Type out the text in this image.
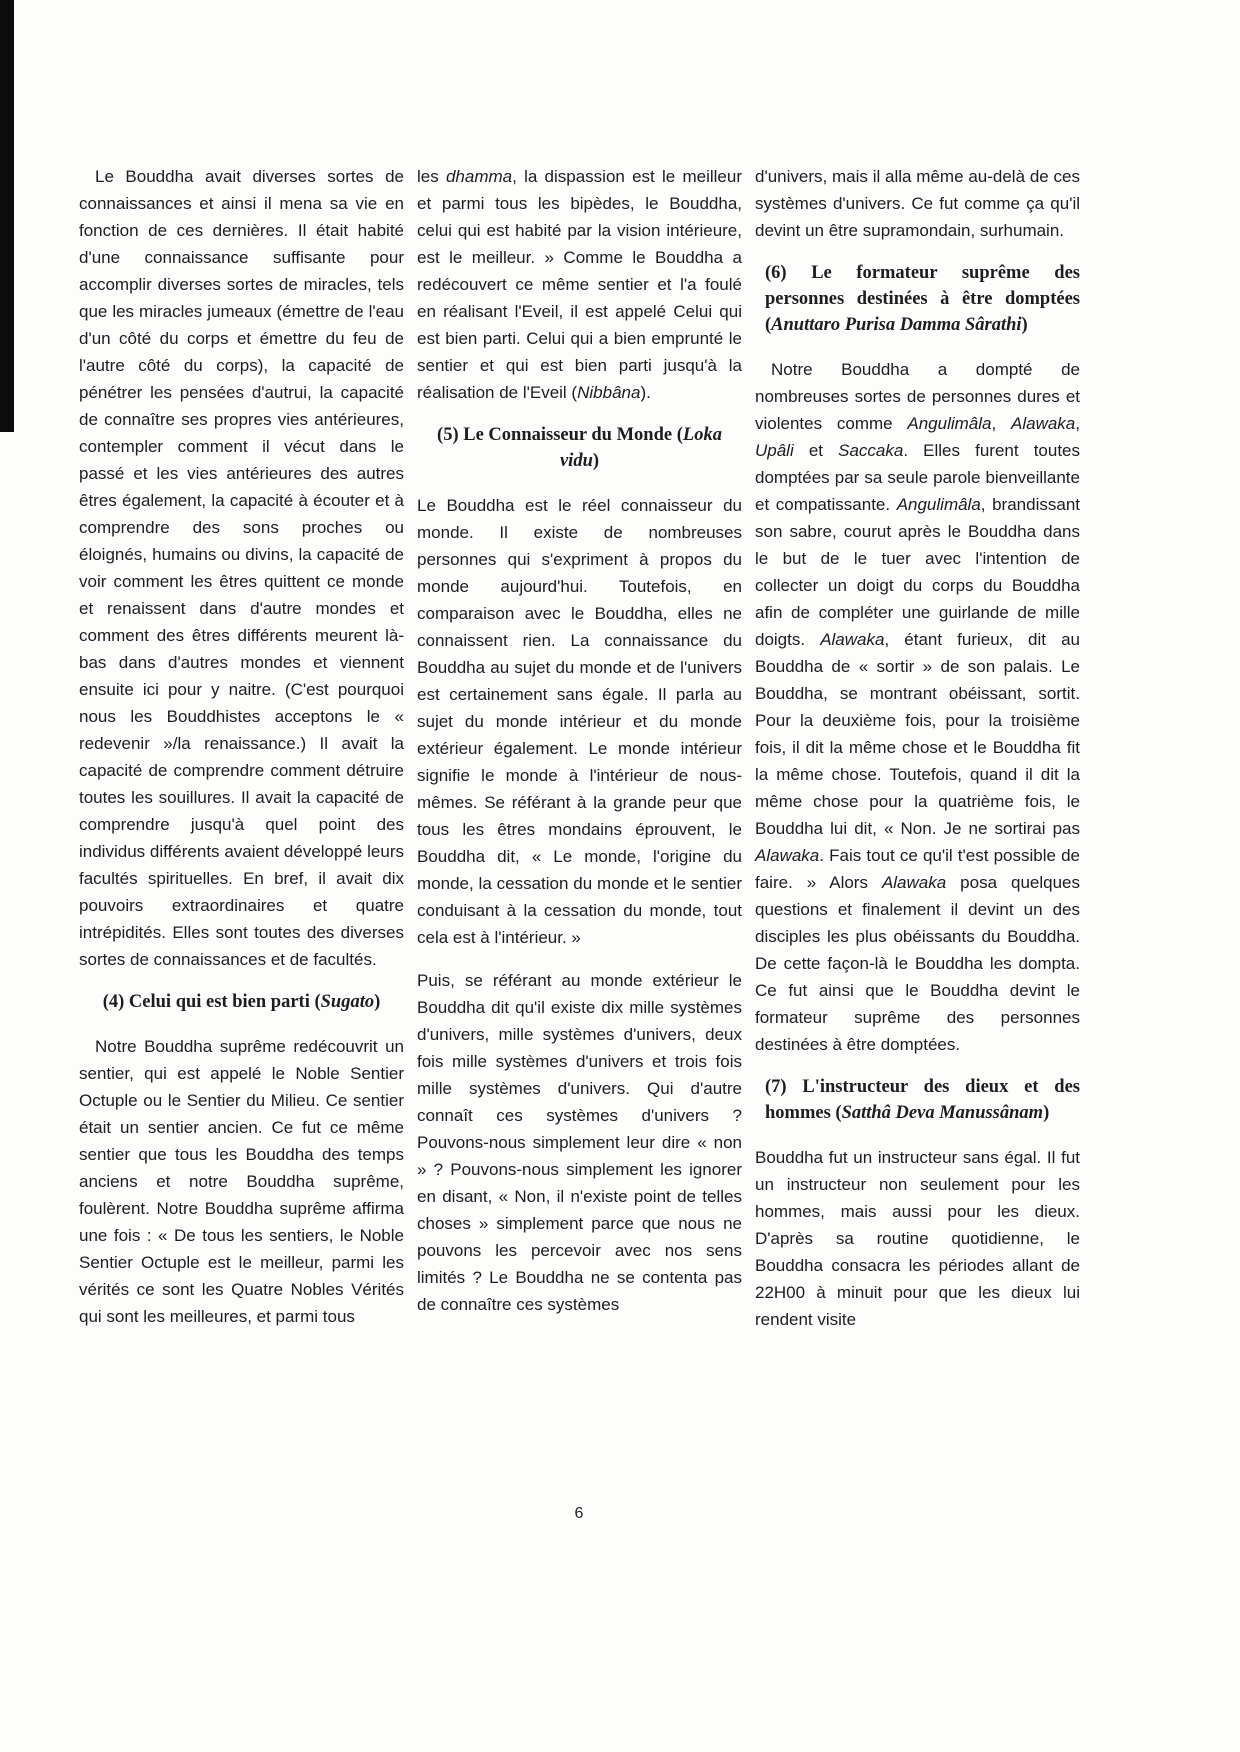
Le Bouddha avait diverses sortes de connaissances et ainsi il mena sa vie en fonction de ces dernières. Il était habité d'une connaissance suffisante pour accomplir diverses sortes de miracles, tels que les miracles jumeaux (émettre de l'eau d'un côté du corps et émettre du feu de l'autre côté du corps), la capacité de pénétrer les pensées d'autrui, la capacité de connaître ses propres vies antérieures, contempler comment il vécut dans le passé et les vies antérieures des autres êtres également, la capacité à écouter et à comprendre des sons proches ou éloignés, humains ou divins, la capacité de voir comment les êtres quittent ce monde et renaissent dans d'autre mondes et comment des êtres différents meurent là-bas dans d'autres mondes et viennent ensuite ici pour y naitre. (C'est pourquoi nous les Bouddhistes acceptons le « redevenir »/la renaissance.) Il avait la capacité de comprendre comment détruire toutes les souillures. Il avait la capacité de comprendre jusqu'à quel point des individus différents avaient développé leurs facultés spirituelles. En bref, il avait dix pouvoirs extraordinaires et quatre intrépidités. Elles sont toutes des diverses sortes de connaissances et de facultés.

(4) Celui qui est bien parti (Sugato)

Notre Bouddha suprême redécouvrit un sentier, qui est appelé le Noble Sentier Octuple ou le Sentier du Milieu. Ce sentier était un sentier ancien. Ce fut ce même sentier que tous les Bouddha des temps anciens et notre Bouddha suprême, foulèrent. Notre Bouddha suprême affirma une fois : « De tous les sentiers, le Noble Sentier Octuple est le meilleur, parmi les vérités ce sont les Quatre Nobles Vérités qui sont les meilleures, et parmi tous

les dhamma, la dispassion est le meilleur et parmi tous les bipèdes, le Bouddha, celui qui est habité par la vision intérieure, est le meilleur. » Comme le Bouddha a redécouvert ce même sentier et l'a foulé en réalisant l'Eveil, il est appelé Celui qui est bien parti. Celui qui a bien emprunté le sentier et qui est bien parti jusqu'à la réalisation de l'Eveil (Nibbâna).

(5) Le Connaisseur du Monde (Loka vidu)

Le Bouddha est le réel connaisseur du monde. Il existe de nombreuses personnes qui s'expriment à propos du monde aujourd'hui. Toutefois, en comparaison avec le Bouddha, elles ne connaissent rien. La connaissance du Bouddha au sujet du monde et de l'univers est certainement sans égale. Il parla au sujet du monde intérieur et du monde extérieur également. Le monde intérieur signifie le monde à l'intérieur de nous-mêmes. Se référant à la grande peur que tous les êtres mondains éprouvent, le Bouddha dit, « Le monde, l'origine du monde, la cessation du monde et le sentier conduisant à la cessation du monde, tout cela est à l'intérieur. »

Puis, se référant au monde extérieur le Bouddha dit qu'il existe dix mille systèmes d'univers, mille systèmes d'univers, deux fois mille systèmes d'univers et trois fois mille systèmes d'univers. Qui d'autre connaît ces systèmes d'univers ? Pouvons-nous simplement leur dire « non » ? Pouvons-nous simplement les ignorer en disant, « Non, il n'existe point de telles choses » simplement parce que nous ne pouvons les percevoir avec nos sens limités ? Le Bouddha ne se contenta pas de connaître ces systèmes

d'univers, mais il alla même au-delà de ces systèmes d'univers. Ce fut comme ça qu'il devint un être supramondain, surhumain.

(6) Le formateur suprême des personnes destinées à être domptées (Anuttaro Purisa Damma Sârathi)

Notre Bouddha a dompté de nombreuses sortes de personnes dures et violentes comme Angulimâla, Alawaka, Upâli et Saccaka. Elles furent toutes domptées par sa seule parole bienveillante et compatissante. Angulimâla, brandissant son sabre, courut après le Bouddha dans le but de le tuer avec l'intention de collecter un doigt du corps du Bouddha afin de compléter une guirlande de mille doigts. Alawaka, étant furieux, dit au Bouddha de « sortir » de son palais. Le Bouddha, se montrant obéissant, sortit. Pour la deuxième fois, pour la troisième fois, il dit la même chose et le Bouddha fit la même chose. Toutefois, quand il dit la même chose pour la quatrième fois, le Bouddha lui dit, « Non. Je ne sortirai pas Alawaka. Fais tout ce qu'il t'est possible de faire. » Alors Alawaka posa quelques questions et finalement il devint un des disciples les plus obéissants du Bouddha. De cette façon-là le Bouddha les dompta. Ce fut ainsi que le Bouddha devint le formateur suprême des personnes destinées à être domptées.

(7) L'instructeur des dieux et des hommes (Satthâ Deva Manussânam)

Bouddha fut un instructeur sans égal. Il fut un instructeur non seulement pour les hommes, mais aussi pour les dieux. D'après sa routine quotidienne, le Bouddha consacra les périodes allant de 22H00 à minuit pour que les dieux lui rendent visite

6
